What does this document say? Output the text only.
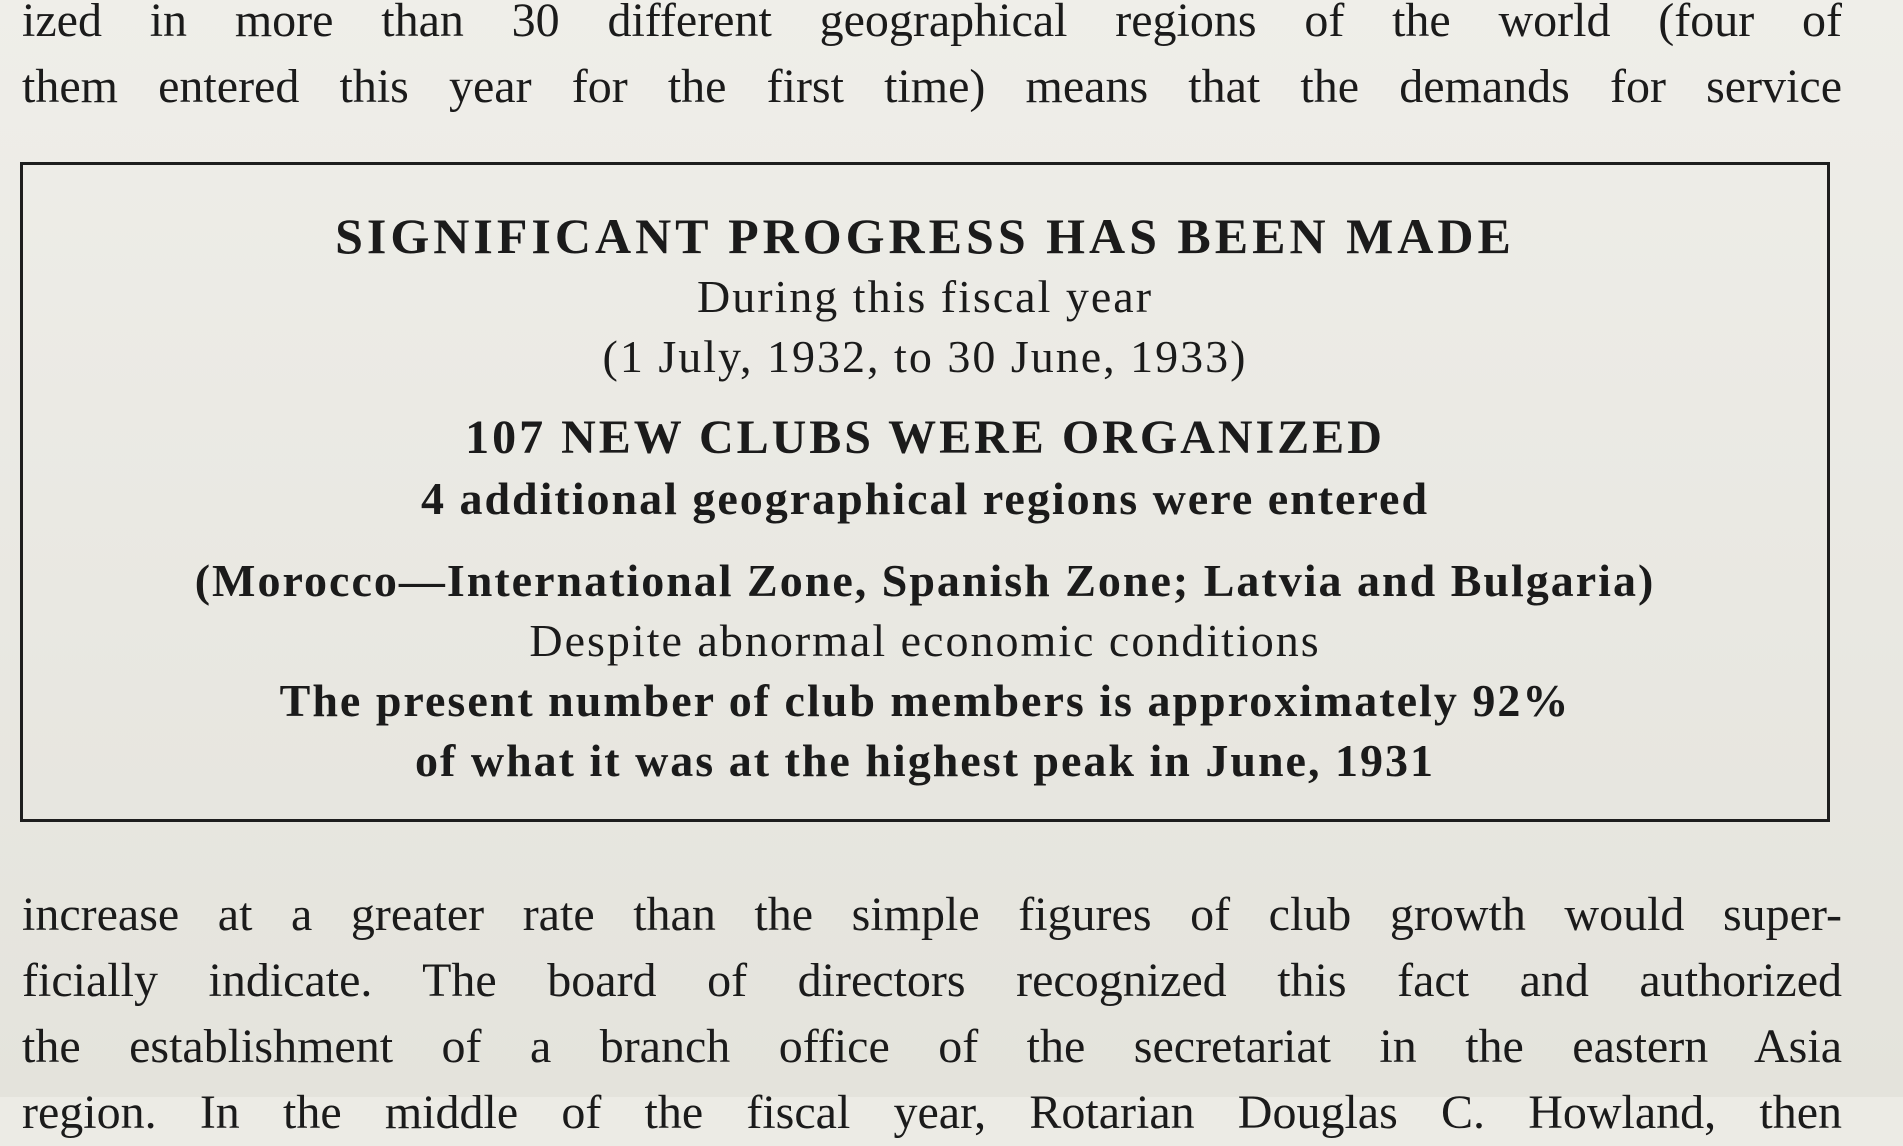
ized in more than 30 different geographical regions of the world (four of
them entered this year for the first time) means that the demands for service

SIGNIFICANT PROGRESS HAS BEEN MADE

During this fiscal year

(1 July, 1932, to 30 June, 1933)

107 NEW CLUBS WERE ORGANIZED

4 additional geographical regions were entered

(Morocco—International Zone, Spanish Zone; Latvia and Bulgaria)

Despite abnormal economic conditions

The present number of club members is approximately 92%

of what it was at the highest peak in June, 1931

increase at a greater rate than the simple figures of club growth would super-
ficially indicate. The board of directors recognized this fact and authorized
the establishment of a branch office of the secretariat in the eastern Asia
region. In the middle of the fiscal year, Rotarian Douglas C. Howland, then
